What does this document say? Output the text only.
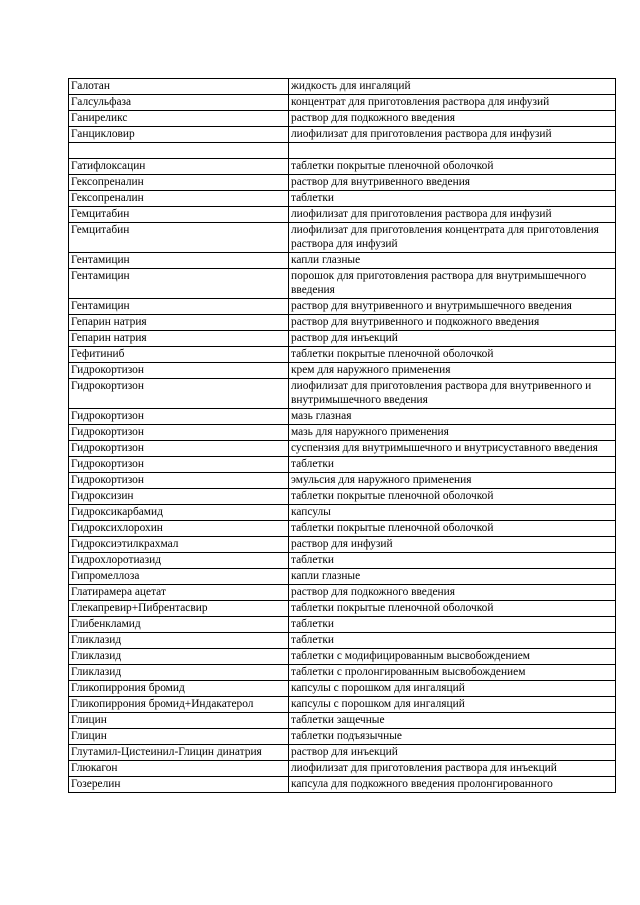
Галотан	жидкость для ингаляций
Галсульфаза	концентрат для приготовления раствора для инфузий
Ганиреликс	раствор для подкожного введения
Ганцикловир	лиофилизат для приготовления раствора для инфузий

Гатифлоксацин	таблетки покрытые пленочной оболочкой
Гексопреналин	раствор для внутривенного введения
Гексопреналин	таблетки
Гемцитабин	лиофилизат для приготовления раствора для инфузий
Гемцитабин	лиофилизат для приготовления концентрата для приготовления раствора для инфузий
Гентамицин	капли глазные
Гентамицин	порошок для приготовления раствора для внутримышечного введения
Гентамицин	раствор для внутривенного и внутримышечного введения
Гепарин натрия	раствор для внутривенного и подкожного введения
Гепарин натрия	раствор для инъекций
Гефитиниб	таблетки покрытые пленочной оболочкой
Гидрокортизон	крем для наружного применения
Гидрокортизон	лиофилизат для приготовления раствора для внутривенного и внутримышечного введения
Гидрокортизон	мазь глазная
Гидрокортизон	мазь для наружного применения
Гидрокортизон	суспензия для внутримышечного и внутрисуставного введения
Гидрокортизон	таблетки
Гидрокортизон	эмульсия для наружного применения
Гидроксизин	таблетки покрытые пленочной оболочкой
Гидроксикарбамид	капсулы
Гидроксихлорохин	таблетки покрытые пленочной оболочкой
Гидроксиэтилкрахмал	раствор для инфузий
Гидрохлоротиазид	таблетки
Гипромеллоза	капли глазные
Глатирамера ацетат	раствор для подкожного введения
Глекапревир+Пибрентасвир	таблетки покрытые пленочной оболочкой
Глибенкламид	таблетки
Гликлазид	таблетки
Гликлазид	таблетки с модифицированным высвобождением
Гликлазид	таблетки с пролонгированным высвобождением
Гликопиррония бромид	капсулы с порошком для ингаляций
Гликопиррония бромид+Индакатерол	капсулы с порошком для ингаляций
Глицин	таблетки защечные
Глицин	таблетки подъязычные
Глутамил-Цистеинил-Глицин динатрия	раствор для инъекций
Глюкагон	лиофилизат для приготовления раствора для инъекций
Гозерелин	капсула для подкожного введения пролонгированного
